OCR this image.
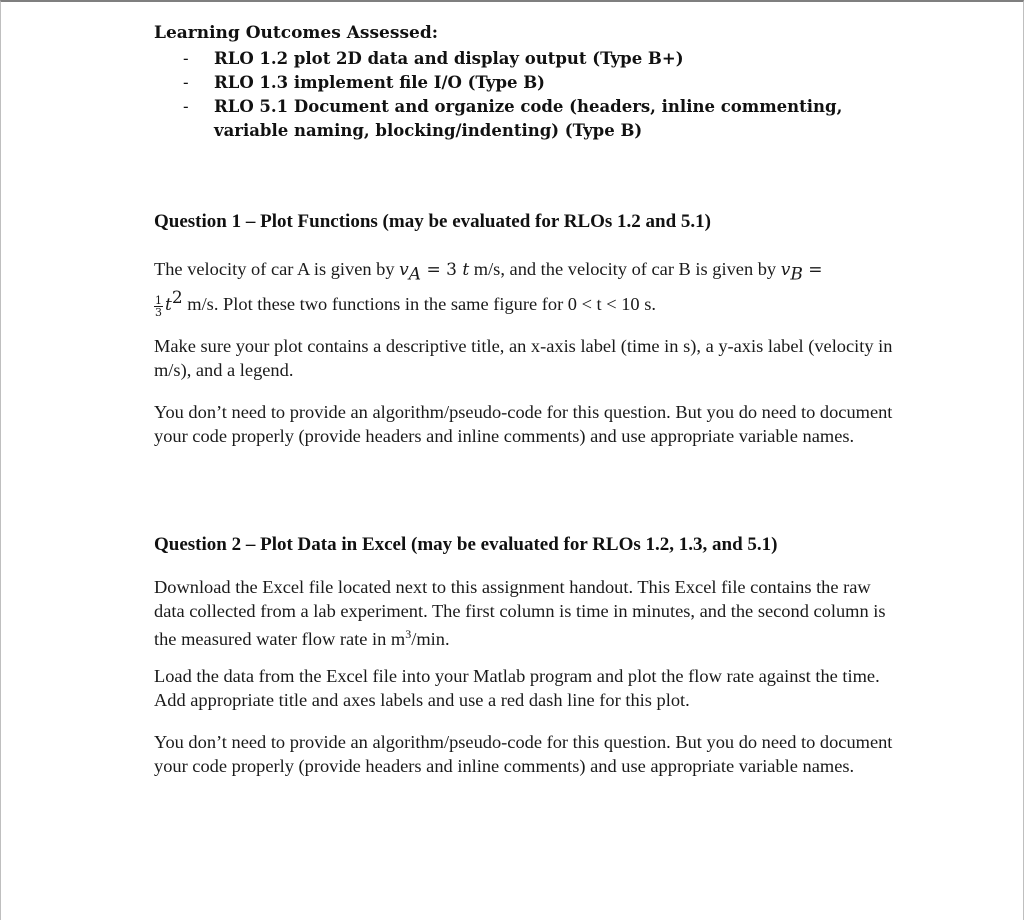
Learning Outcomes Assessed:
- RLO 1.2 plot 2D data and display output (Type B+)
- RLO 1.3 implement file I/O (Type B)
- RLO 5.1 Document and organize code (headers, inline commenting, variable naming, blocking/indenting) (Type B)
Question 1 – Plot Functions (may be evaluated for RLOs 1.2 and 5.1)

The velocity of car A is given by $v_A = 3$ t m/s, and the velocity of car B is given by $v_B$ =

$\frac{1}{3} t^2$ m/s. Plot these two functions in the same figure for 0 < t < 10 s.

Make sure your plot contains a descriptive title, an x-axis label (time in s), a y-axis label (velocity in m/s), and a legend.

You don’t need to provide an algorithm/pseudo-code for this question. But you do need to document your code properly (provide headers and inline comments) and use appropriate variable names.

Question 2 – Plot Data in Excel (may be evaluated for RLOs 1.2, 1.3, and 5.1)

Download the Excel file located next to this assignment handout. This Excel file contains the raw data collected from a lab experiment. The first column is time in minutes, and the second column is the measured water flow rate in $m^3/\min$.

Load the data from the Excel file into your Matlab program and plot the flow rate against the time. Add appropriate title and axes labels and use a red dash line for this plot.

You don’t need to provide an algorithm/pseudo-code for this question. But you do need to document your code properly (provide headers and inline comments) and use appropriate variable names.
